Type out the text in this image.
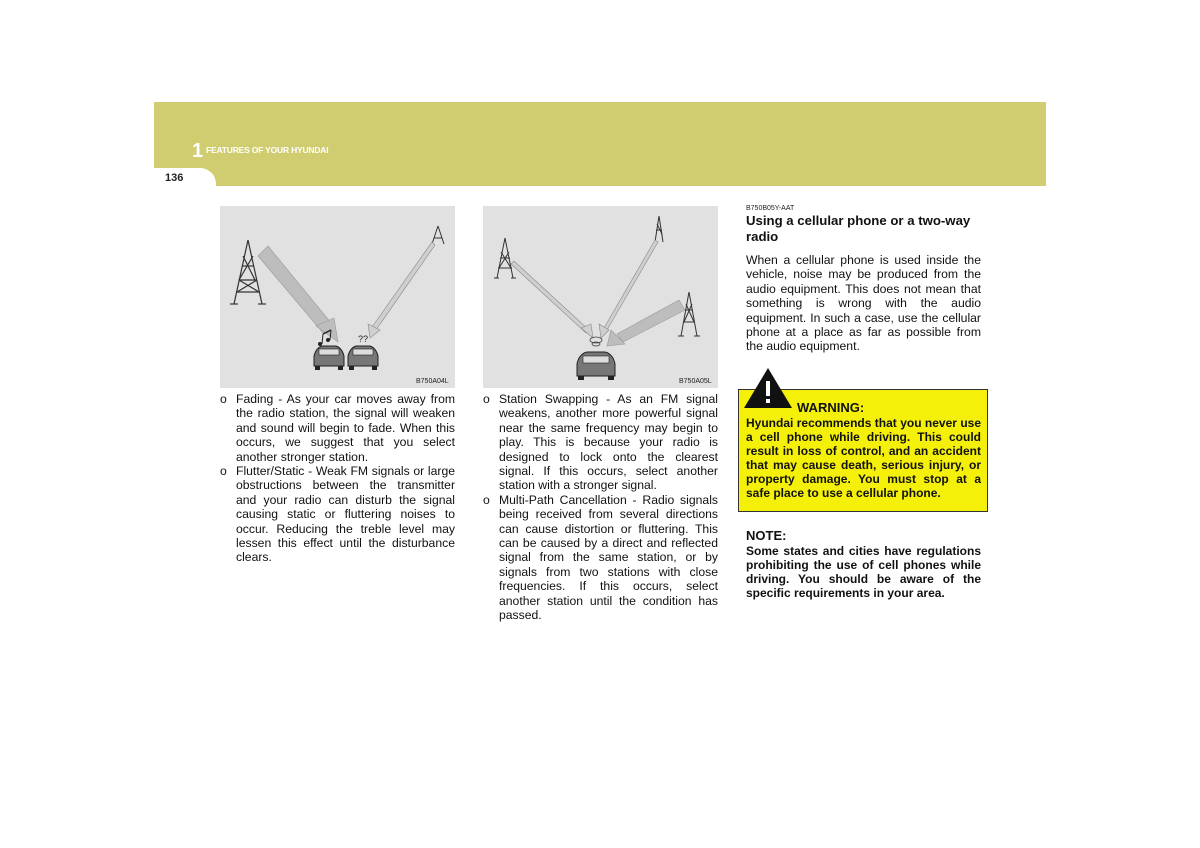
1 FEATURES OF YOUR HYUNDAI
136
??
B750A04L	B750A05L
o Fading - As your car moves away from the radio station, the signal will weaken and sound will begin to fade. When this occurs, we suggest that you select another stronger station.
o Flutter/Static - Weak FM signals or large obstructions between the transmitter and your radio can disturb the signal causing static or fluttering noises to occur. Reducing the treble level may lessen this effect until the disturbance clears.
o Station Swapping - As an FM signal weakens, another more powerful signal near the same frequency may begin to play. This is because your radio is designed to lock onto the clearest signal. If this occurs, select another station with a stronger signal.
o Multi-Path Cancellation - Radio signals being received from several directions can cause distortion or fluttering. This can be caused by a direct and reflected signal from the same station, or by signals from two stations with close frequencies. If this occurs, select another station until the condition has passed.
B750B05Y-AAT
Using a cellular phone or a two-way radio
When a cellular phone is used inside the vehicle, noise may be produced from the audio equipment. This does not mean that something is wrong with the audio equipment. In such a case, use the cellular phone at a place as far as possible from the audio equipment.
WARNING:
Hyundai recommends that you never use a cell phone while driving. This could result in loss of control, and an accident that may cause death, serious injury, or property damage. You must stop at a safe place to use a cellular phone.
NOTE:
Some states and cities have regulations prohibiting the use of cell phones while driving. You should be aware of the specific requirements in your area.
